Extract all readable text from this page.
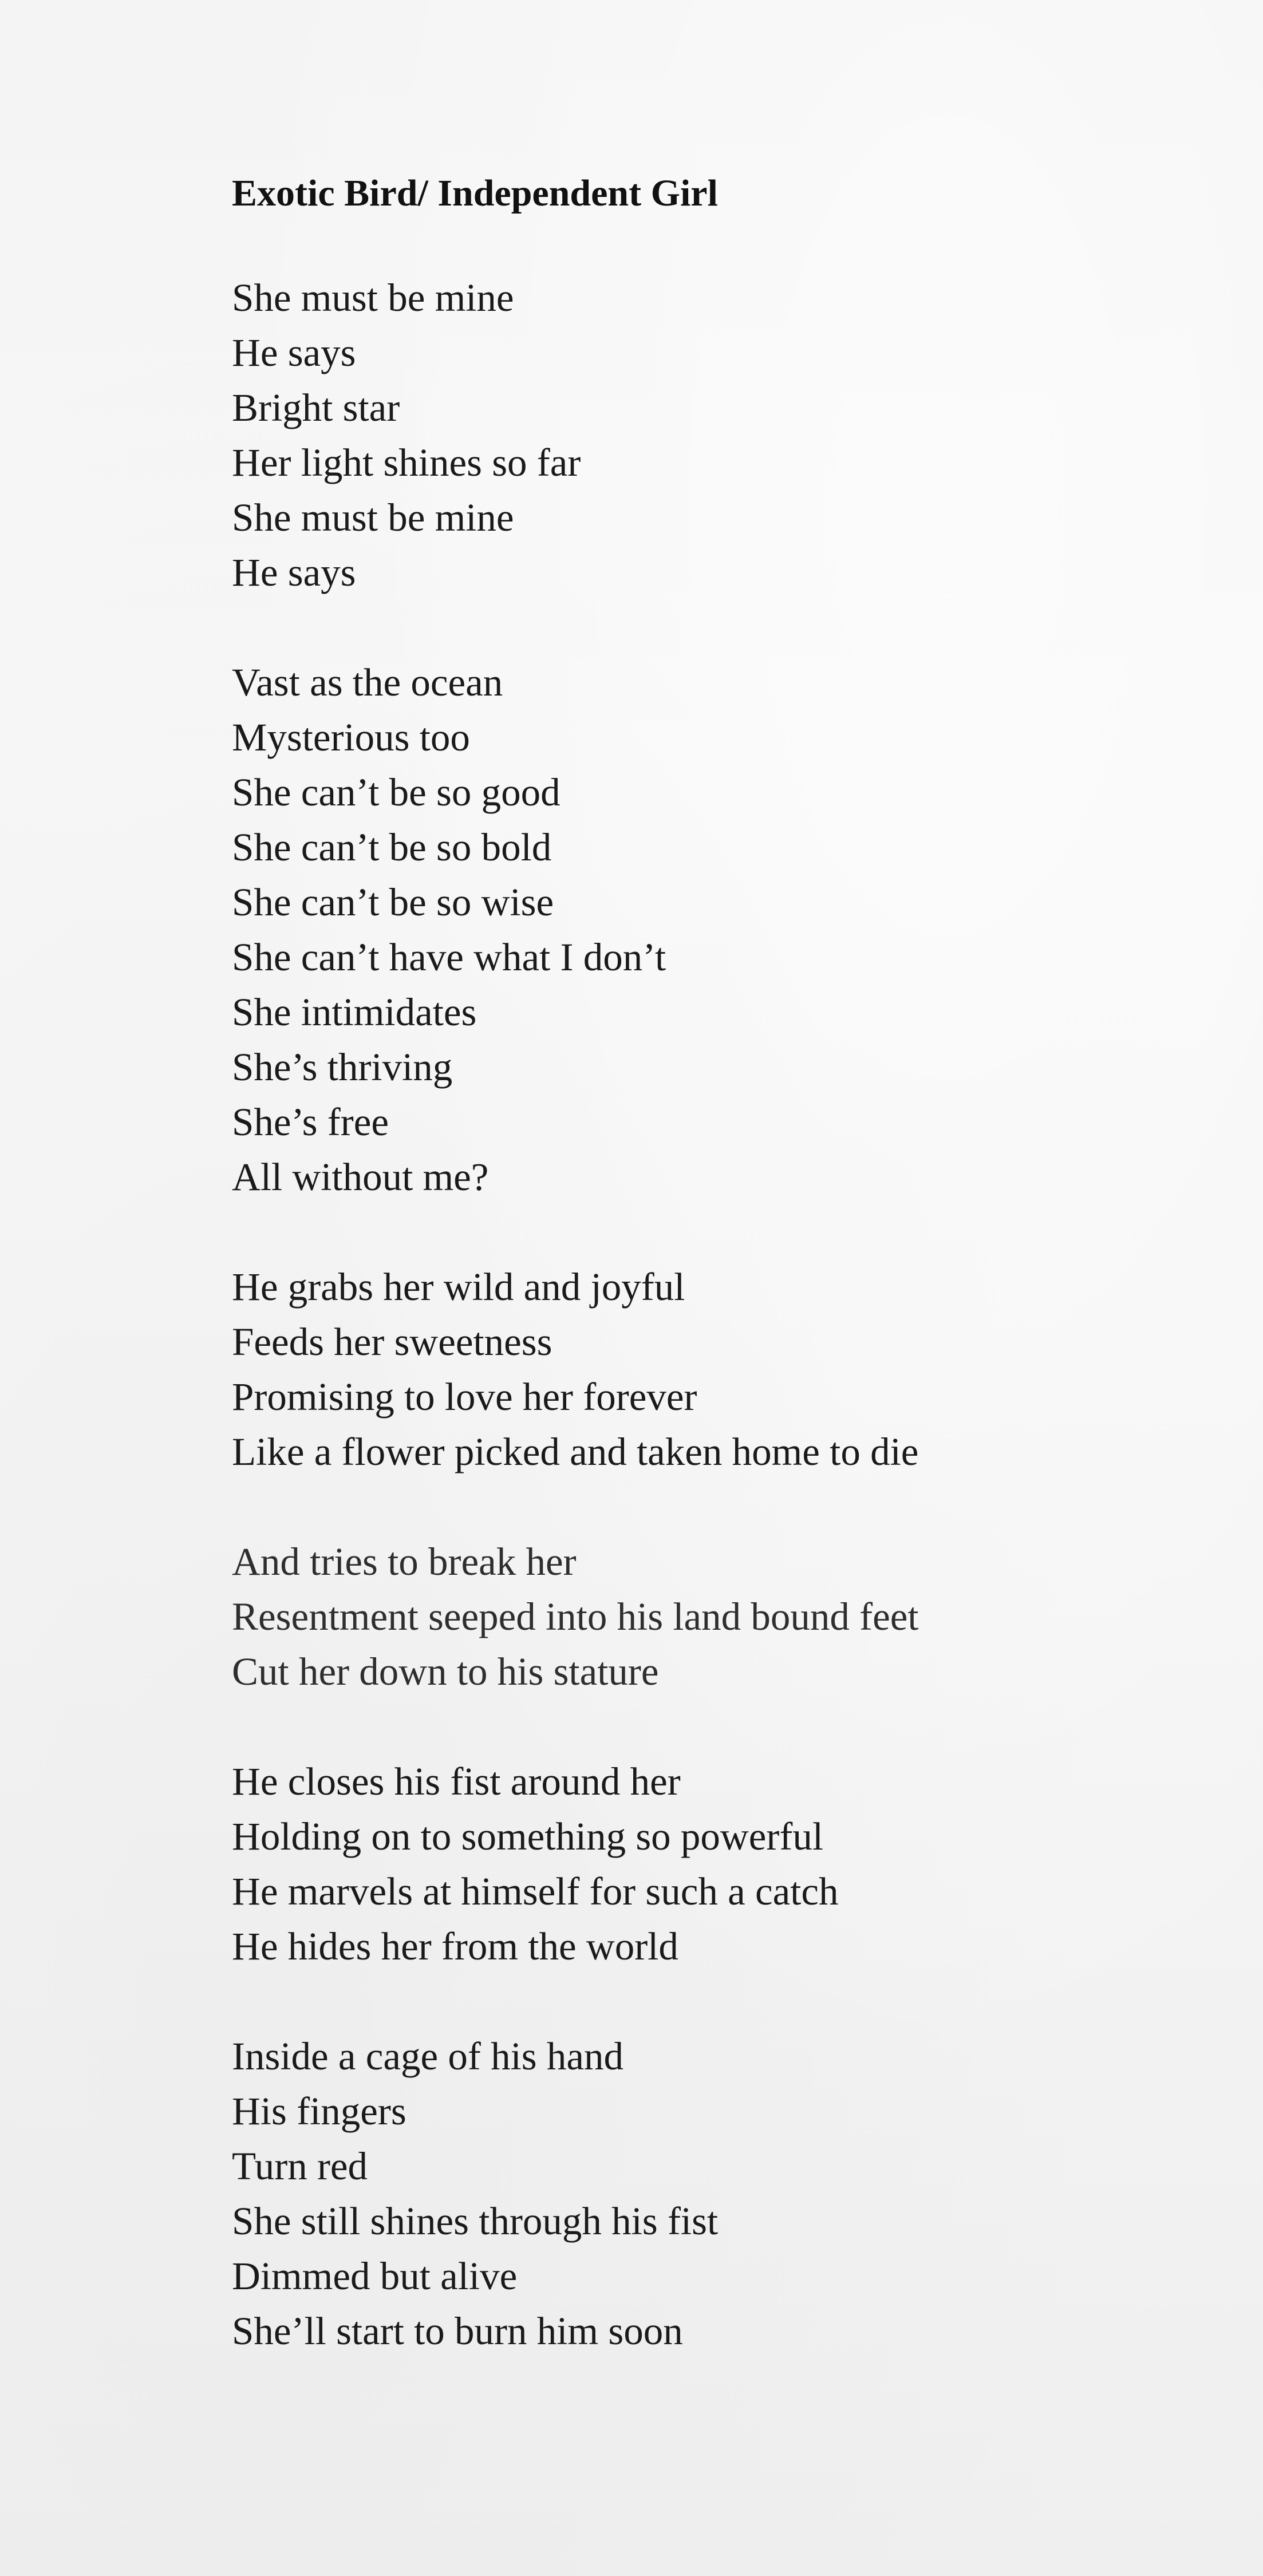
Exotic Bird/ Independent Girl
She must be mine
He says
Bright star
Her light shines so far
She must be mine
He says
Vast as the ocean
Mysterious too
She can’t be so good
She can’t be so bold
She can’t be so wise
She can’t have what I don’t
She intimidates
She’s thriving
She’s free
All without me?
He grabs her wild and joyful
Feeds her sweetness
Promising to love her forever
Like a flower picked and taken home to die
And tries to break her
Resentment seeped into his land bound feet
Cut her down to his stature
He closes his fist around her
Holding on to something so powerful
He marvels at himself for such a catch
He hides her from the world
Inside a cage of his hand
His fingers
Turn red
She still shines through his fist
Dimmed but alive
She’ll start to burn him soon
